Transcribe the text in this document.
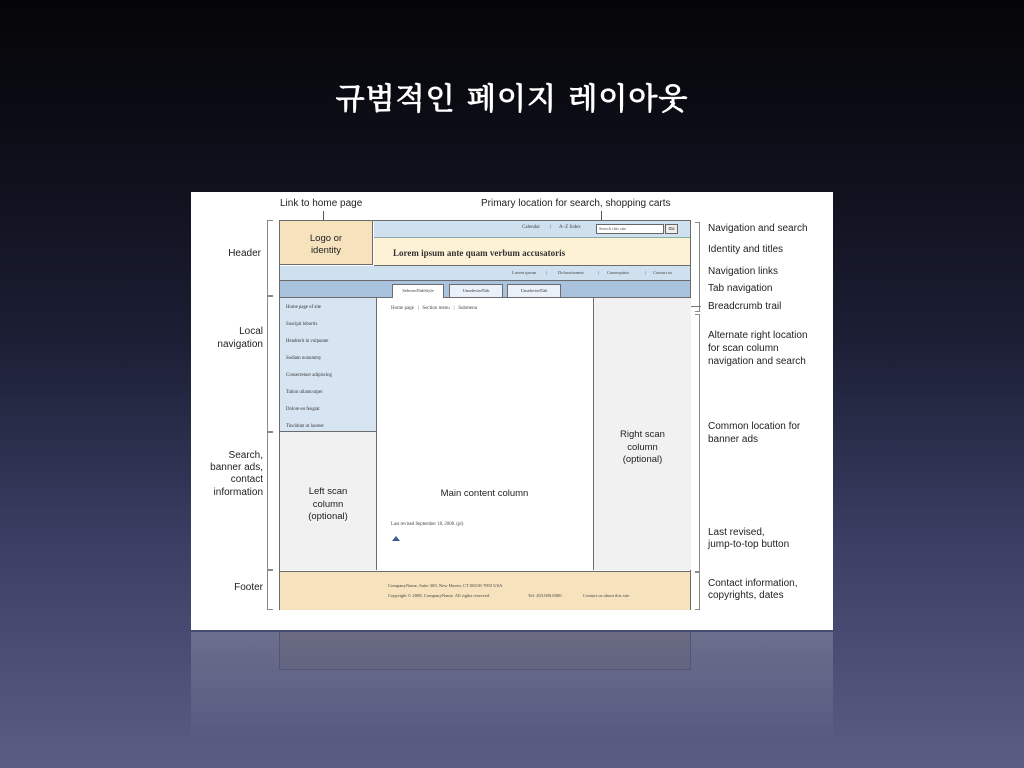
규범적인 페이지 레이아웃
Link to home page	Primary location for search, shopping carts
Header
Local
navigation
Search,
banner ads,
contact
information
Footer
Navigation and search
Identity and titles
Navigation links
Tab navigation
Breadcrumb trail
Alternate right location
for scan column
navigation and search
Common location for
banner ads
Last revised,
jump-to-top button
Contact information,
copyrights, dates
Logo or
identity
Calendar | A–Z Index	Search this site	Go
Lorem ipsum ante quam verbum accusatoris
Lorem ipsum | Dolorsitoamet	| Consequitur	| Contact us
SelectedTabStyle	UnselectedTab	UnselectedTab
Home page of site
Suscipit lobortis
Hendrerit in vulputate
Sodiam nonummy
Consectetuer adipiscing
Tation ullamcorper
Dolore eu feugiat
Tincidunt ut laoreet
Left scan
column
(optional)
Home page   |   Section menu   |   Submenu
Main content column
Last revised September 18, 2008. (pl)
Right scan
column
(optional)
CompanyName, Suite 300, New Haven, CT 06510-7003 USA
Copyright © 2008, CompanyName. All rights reserved.	Tel: 203.000.0000	Contact us about this site.
